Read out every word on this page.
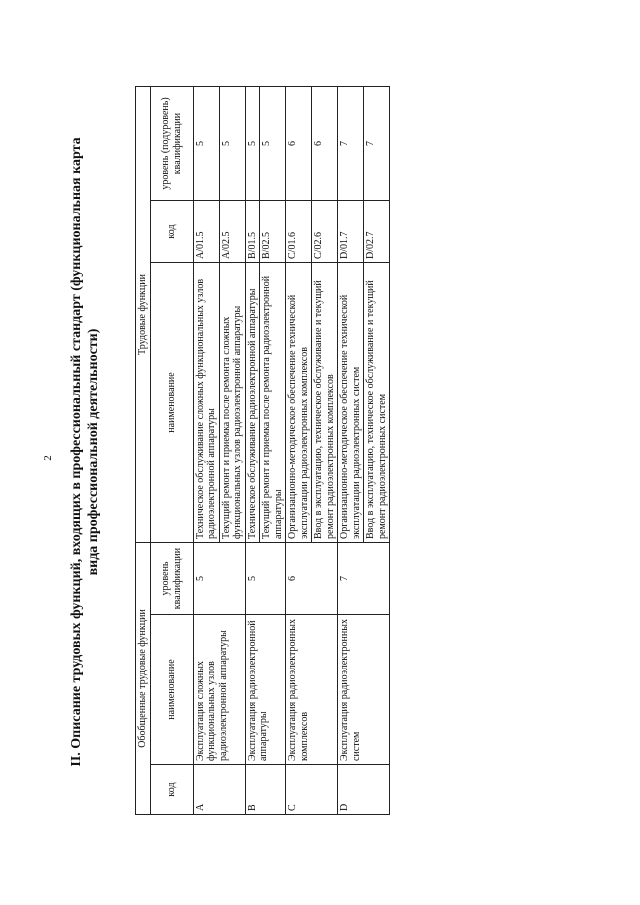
2 II. Описание трудовых функций, входящих в профессиональный стандарт (функциональная карта вида профессиональной деятельности)
Обобщенные трудовые функции			Трудовые функции		
код	наименование	уровень квалификации	наименование	код	уровень (подуровень) квалификации
A	Эксплуатация сложных функциональных узлов радиоэлектронной аппаратуры	5	Техническое обслуживание сложных функциональных узлов радиоэлектронной аппаратуры	A/01.5	5
			Текущий ремонт и приемка после ремонта сложных функциональных узлов радиоэлектронной аппаратуры	A/02.5	5
B	Эксплуатация радиоэлектронной аппаратуры	5	Техническое обслуживание радиоэлектронной аппаратуры	B/01.5	5
			Текущий ремонт и приемка после ремонта радиоэлектронной аппаратуры	B/02.5	5
C	Эксплуатация радиоэлектронных комплексов	6	Организационно-методическое обеспечение технической эксплуатации радиоэлектронных комплексов	C/01.6	6
			Ввод в эксплуатацию, техническое обслуживание и текущий ремонт радиоэлектронных комплексов	C/02.6	6
D	Эксплуатация радиоэлектронных систем	7	Организационно-методическое обеспечение технической эксплуатации радиоэлектронных систем	D/01.7	7
			Ввод в эксплуатацию, техническое обслуживание и текущий ремонт радиоэлектронных систем	D/02.7	7
